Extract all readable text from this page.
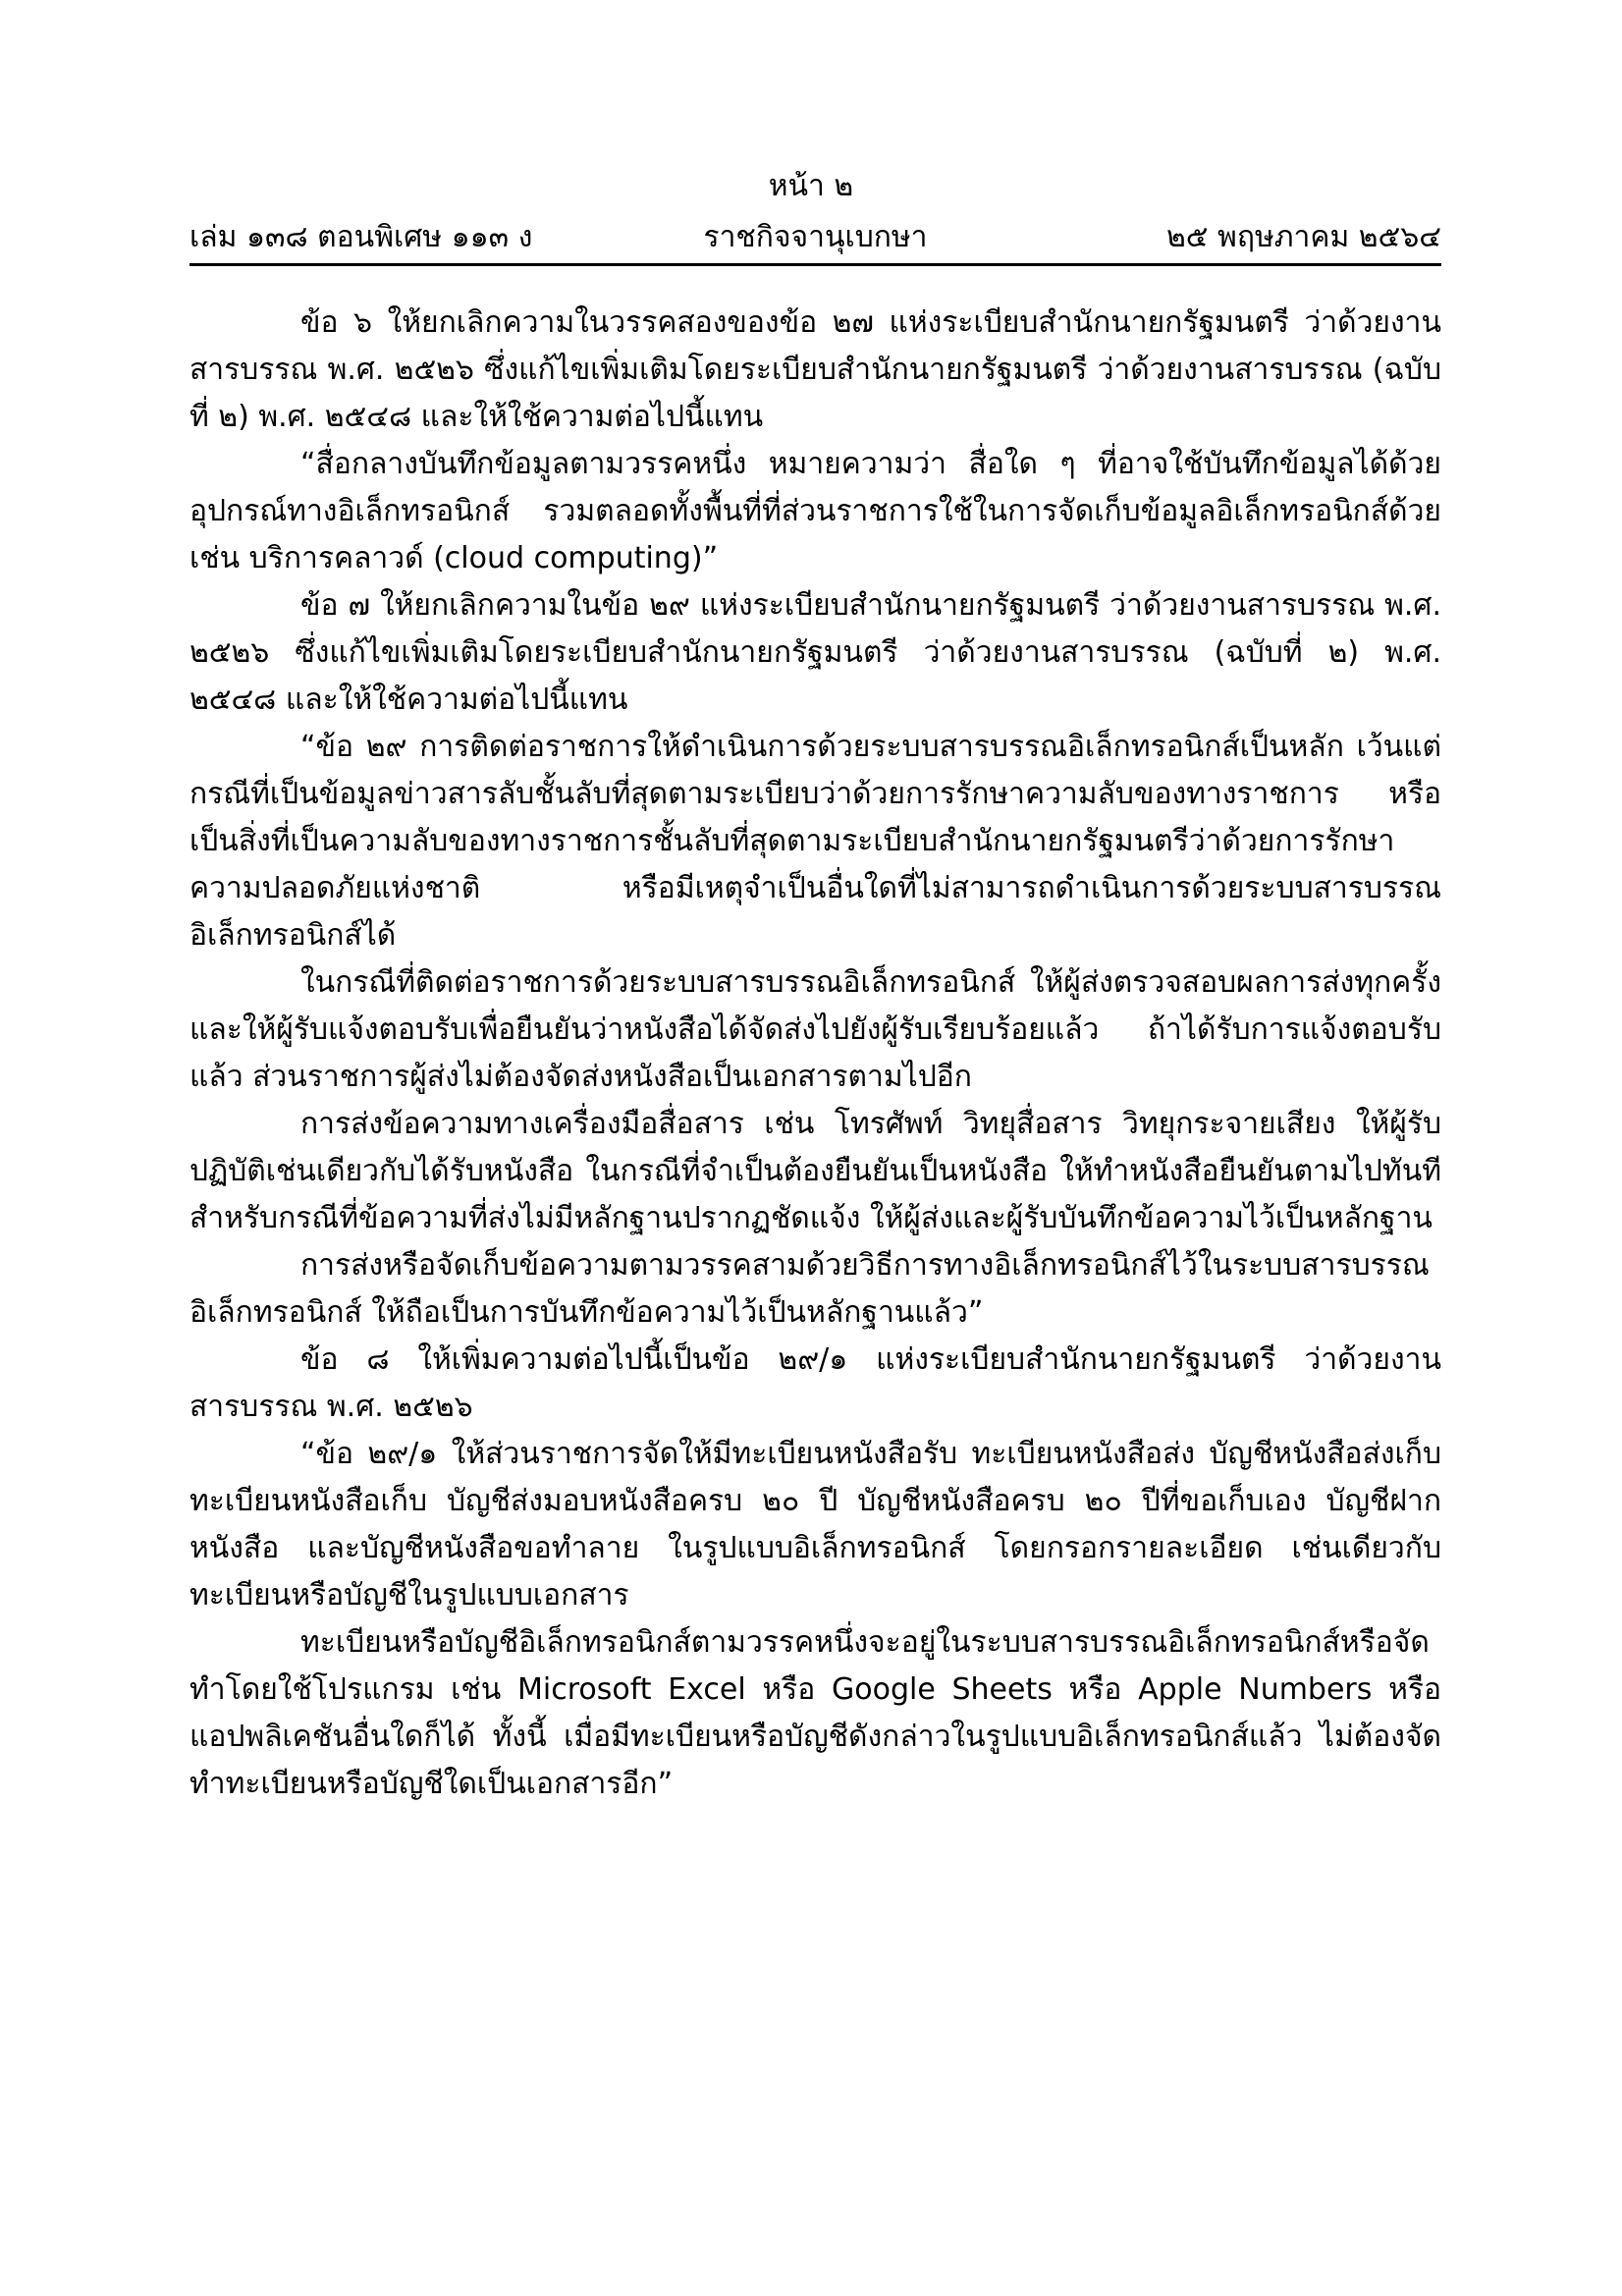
หน้า ๒
ราชกิจจานุเบกษา
เล่ม ๑๓๘ ตอนพิเศษ ๑๑๓ ง	๒๕ พฤษภาคม ๒๕๖๔

ข้อ ๖ ให้ยกเลิกความในวรรคสองของข้อ ๒๗ แห่งระเบียบสำนักนายกรัฐมนตรี ว่าด้วยงานสารบรรณ พ.ศ. ๒๕๒๖ ซึ่งแก้ไขเพิ่มเติมโดยระเบียบสำนักนายกรัฐมนตรี ว่าด้วยงานสารบรรณ (ฉบับที่ ๒) พ.ศ. ๒๕๔๘ และให้ใช้ความต่อไปนี้แทน

“สื่อกลางบันทึกข้อมูลตามวรรคหนึ่ง หมายความว่า สื่อใด ๆ ที่อาจใช้บันทึกข้อมูลได้ด้วยอุปกรณ์ทางอิเล็กทรอนิกส์ รวมตลอดทั้งพื้นที่ที่ส่วนราชการใช้ในการจัดเก็บข้อมูลอิเล็กทรอนิกส์ด้วย เช่น บริการคลาวด์ (cloud computing)”

ข้อ ๗ ให้ยกเลิกความในข้อ ๒๙ แห่งระเบียบสำนักนายกรัฐมนตรี ว่าด้วยงานสารบรรณ พ.ศ. ๒๕๒๖ ซึ่งแก้ไขเพิ่มเติมโดยระเบียบสำนักนายกรัฐมนตรี ว่าด้วยงานสารบรรณ (ฉบับที่ ๒) พ.ศ. ๒๕๔๘ และให้ใช้ความต่อไปนี้แทน

“ข้อ ๒๙ การติดต่อราชการให้ดำเนินการด้วยระบบสารบรรณอิเล็กทรอนิกส์เป็นหลัก เว้นแต่กรณีที่เป็นข้อมูลข่าวสารลับชั้นลับที่สุดตามระเบียบว่าด้วยการรักษาความลับของทางราชการ หรือเป็นสิ่งที่เป็นความลับของทางราชการชั้นลับที่สุดตามระเบียบสำนักนายกรัฐมนตรีว่าด้วยการรักษาความปลอดภัยแห่งชาติ หรือมีเหตุจำเป็นอื่นใดที่ไม่สามารถดำเนินการด้วยระบบสารบรรณอิเล็กทรอนิกส์ได้

ในกรณีที่ติดต่อราชการด้วยระบบสารบรรณอิเล็กทรอนิกส์ ให้ผู้ส่งตรวจสอบผลการส่งทุกครั้ง และให้ผู้รับแจ้งตอบรับเพื่อยืนยันว่าหนังสือได้จัดส่งไปยังผู้รับเรียบร้อยแล้ว ถ้าได้รับการแจ้งตอบรับแล้ว ส่วนราชการผู้ส่งไม่ต้องจัดส่งหนังสือเป็นเอกสารตามไปอีก

การส่งข้อความทางเครื่องมือสื่อสาร เช่น โทรศัพท์ วิทยุสื่อสาร วิทยุกระจายเสียง ให้ผู้รับปฏิบัติเช่นเดียวกับได้รับหนังสือ ในกรณีที่จำเป็นต้องยืนยันเป็นหนังสือ ให้ทำหนังสือยืนยันตามไปทันที สำหรับกรณีที่ข้อความที่ส่งไม่มีหลักฐานปรากฏชัดแจ้ง ให้ผู้ส่งและผู้รับบันทึกข้อความไว้เป็นหลักฐาน

การส่งหรือจัดเก็บข้อความตามวรรคสามด้วยวิธีการทางอิเล็กทรอนิกส์ไว้ในระบบสารบรรณ อิเล็กทรอนิกส์ ให้ถือเป็นการบันทึกข้อความไว้เป็นหลักฐานแล้ว”

ข้อ ๘ ให้เพิ่มความต่อไปนี้เป็นข้อ ๒๙/๑ แห่งระเบียบสำนักนายกรัฐมนตรี ว่าด้วยงานสารบรรณ พ.ศ. ๒๕๒๖

“ข้อ ๒๙/๑ ให้ส่วนราชการจัดให้มีทะเบียนหนังสือรับ ทะเบียนหนังสือส่ง บัญชีหนังสือส่งเก็บทะเบียนหนังสือเก็บ บัญชีส่งมอบหนังสือครบ ๒๐ ปี บัญชีหนังสือครบ ๒๐ ปีที่ขอเก็บเอง บัญชีฝากหนังสือ และบัญชีหนังสือขอทำลาย ในรูปแบบอิเล็กทรอนิกส์ โดยกรอกรายละเอียด เช่นเดียวกับทะเบียนหรือบัญชีในรูปแบบเอกสาร

ทะเบียนหรือบัญชีอิเล็กทรอนิกส์ตามวรรคหนึ่งจะอยู่ในระบบสารบรรณอิเล็กทรอนิกส์หรือจัดทำโดยใช้โปรแกรม เช่น Microsoft Excel หรือ Google Sheets หรือ Apple Numbers หรือ แอปพลิเคชันอื่นใดก็ได้ ทั้งนี้ เมื่อมีทะเบียนหรือบัญชีดังกล่าวในรูปแบบอิเล็กทรอนิกส์แล้ว ไม่ต้องจัดทำทะเบียนหรือบัญชีใดเป็นเอกสารอีก”
